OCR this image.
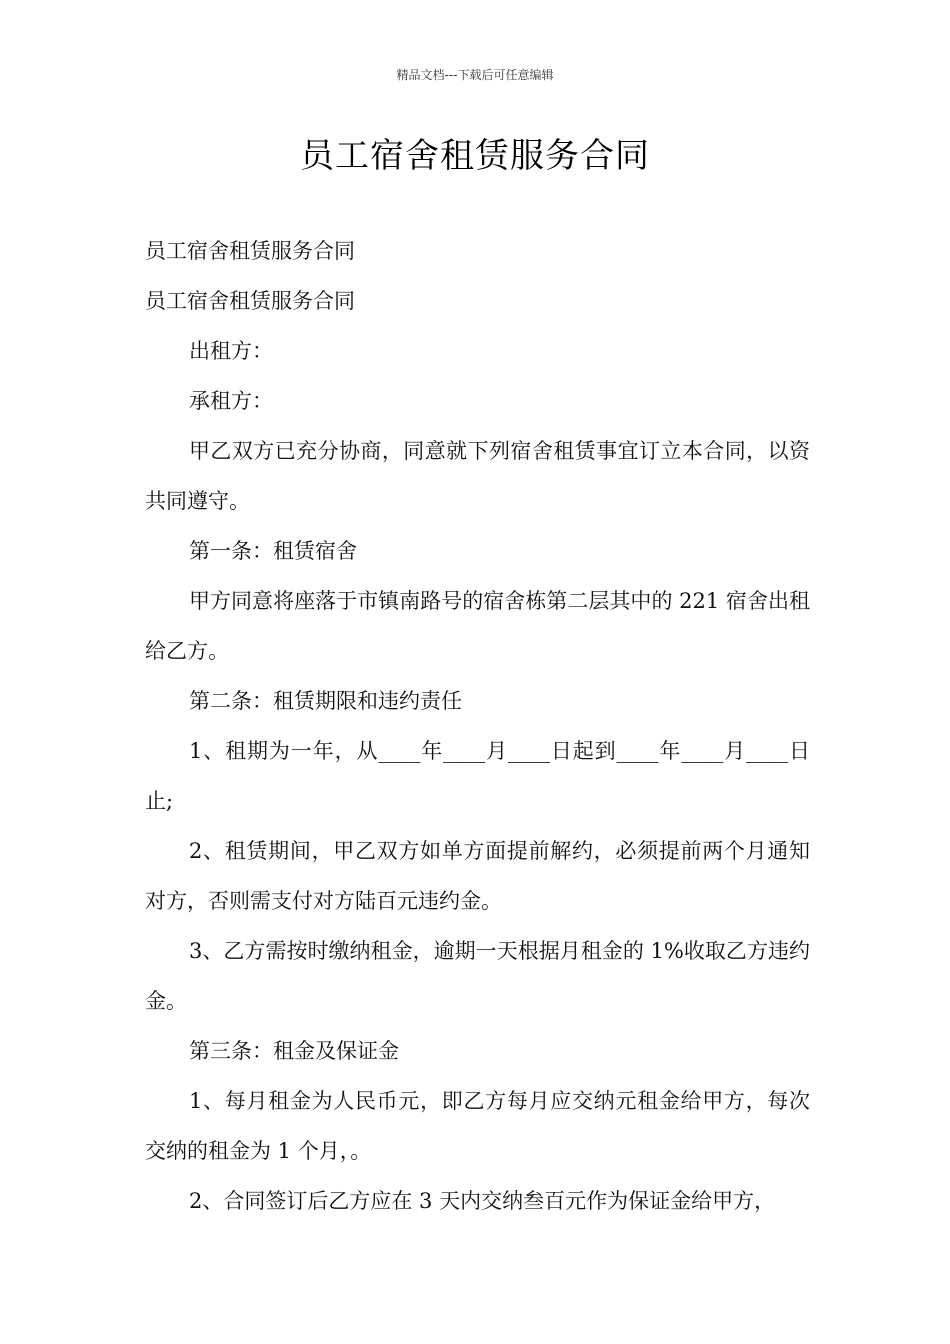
精品文档---下载后可任意编辑
员工宿舍租赁服务合同

员工宿舍租赁服务合同

员工宿舍租赁服务合同

出租方：

承租方：

甲乙双方已充分协商，同意就下列宿舍租赁事宜订立本合同，以资共同遵守。

第一条：租赁宿舍

甲方同意将座落于市镇南路号的宿舍栋第二层其中的 221 宿舍出租给乙方。

第二条：租赁期限和违约责任

1、租期为一年，从____年____月____日起到____年____月____日止;

2、租赁期间，甲乙双方如单方面提前解约，必须提前两个月通知对方，否则需支付对方陆百元违约金。

3、乙方需按时缴纳租金，逾期一天根据月租金的 1%收取乙方违约金。

第三条：租金及保证金

1、每月租金为人民币元，即乙方每月应交纳元租金给甲方，每次交纳的租金为 1 个月，。

2、合同签订后乙方应在 3 天内交纳叁百元作为保证金给甲方，
